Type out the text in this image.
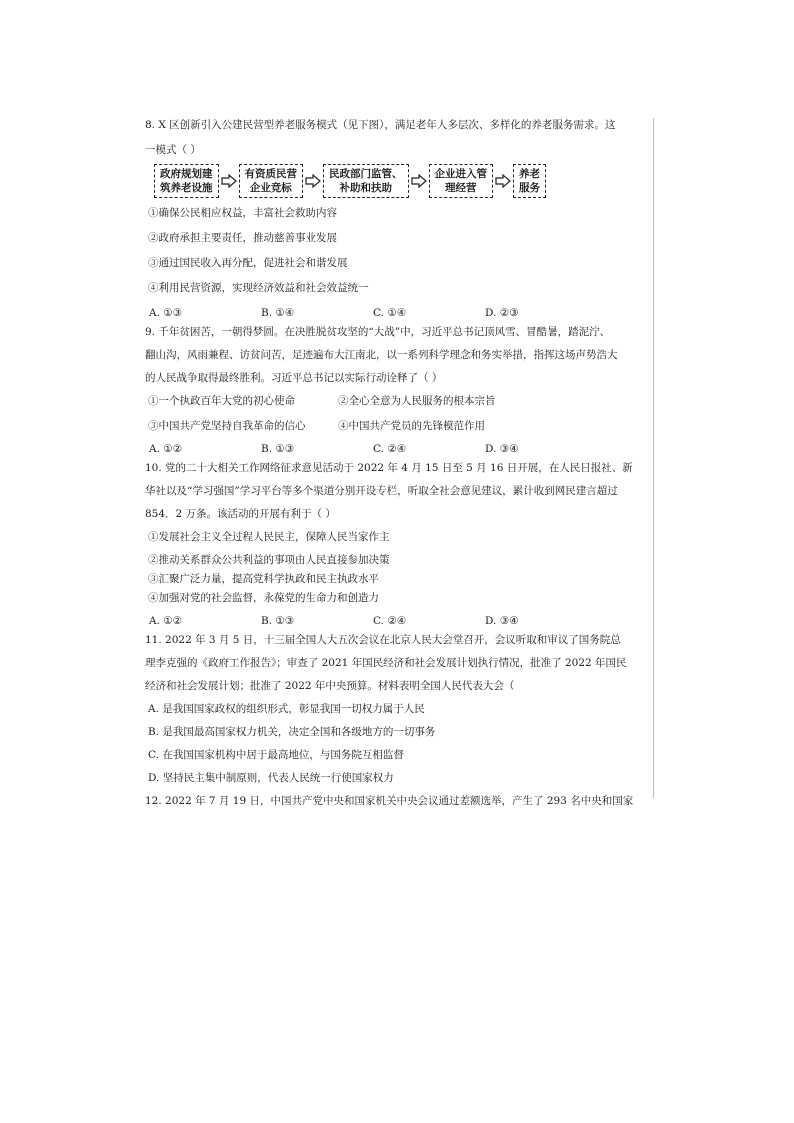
8. X 区创新引入公建民营型养老服务模式（见下图），满足老年人多层次、多样化的养老服务需求。这
一模式（ ）
政府规划建
筑养老设施
有资质民营
企业竞标
民政部门监管、
补助和扶助
企业进入管
理经营
养老
服务
①确保公民相应权益，丰富社会救助内容
②政府承担主要责任，推动慈善事业发展
③通过国民收入再分配，促进社会和谐发展
④利用民营资源，实现经济效益和社会效益统一
A. ①③	B. ①④	C. ①④	D. ②③
9. 千年贫困苦，一朝得梦圆。在决胜脱贫攻坚的“大战”中，习近平总书记顶风雪、冒酷暑，踏泥泞、
翻山沟，风雨兼程、访贫问苦，足迹遍布大江南北，以一系列科学理念和务实举措，指挥这场声势浩大
的人民战争取得最终胜利。习近平总书记以实际行动诠释了（ ）
①一个执政百年大党的初心使命	②全心全意为人民服务的根本宗旨
③中国共产党坚持自我革命的信心	④中国共产党员的先锋模范作用
A. ①②	B. ①③	C. ②④	D. ③④
10. 党的二十大相关工作网络征求意见活动于 2022 年 4 月 15 日至 5 月 16 日开展，在人民日报社、新
华社以及“学习强国”学习平台等多个渠道分别开设专栏，听取全社会意见建议，累计收到网民建言超过
854．2 万条。该活动的开展有利于（ ）
①发展社会主义全过程人民民主，保障人民当家作主
②推动关系群众公共利益的事项由人民直接参加决策
③汇聚广泛力量，提高党科学执政和民主执政水平
④加强对党的社会监督，永葆党的生命力和创造力
A. ①②	B. ①③	C. ②④	D. ③④
11. 2022 年 3 月 5 日，十三届全国人大五次会议在北京人民大会堂召开，会议听取和审议了国务院总
理李克强的《政府工作报告》；审查了 2021 年国民经济和社会发展计划执行情况，批准了 2022 年国民
经济和社会发展计划；批准了 2022 年中央预算。材料表明全国人民代表大会（
A. 是我国国家政权的组织形式，彰显我国一切权力属于人民
B. 是我国最高国家权力机关，决定全国和各级地方的一切事务
C. 在我国国家机构中居于最高地位，与国务院互相监督
D. 坚持民主集中制原则，代表人民统一行使国家权力
12. 2022 年 7 月 19 日，中国共产党中央和国家机关中央会议通过差额选举，产生了 293 名中央和国家
